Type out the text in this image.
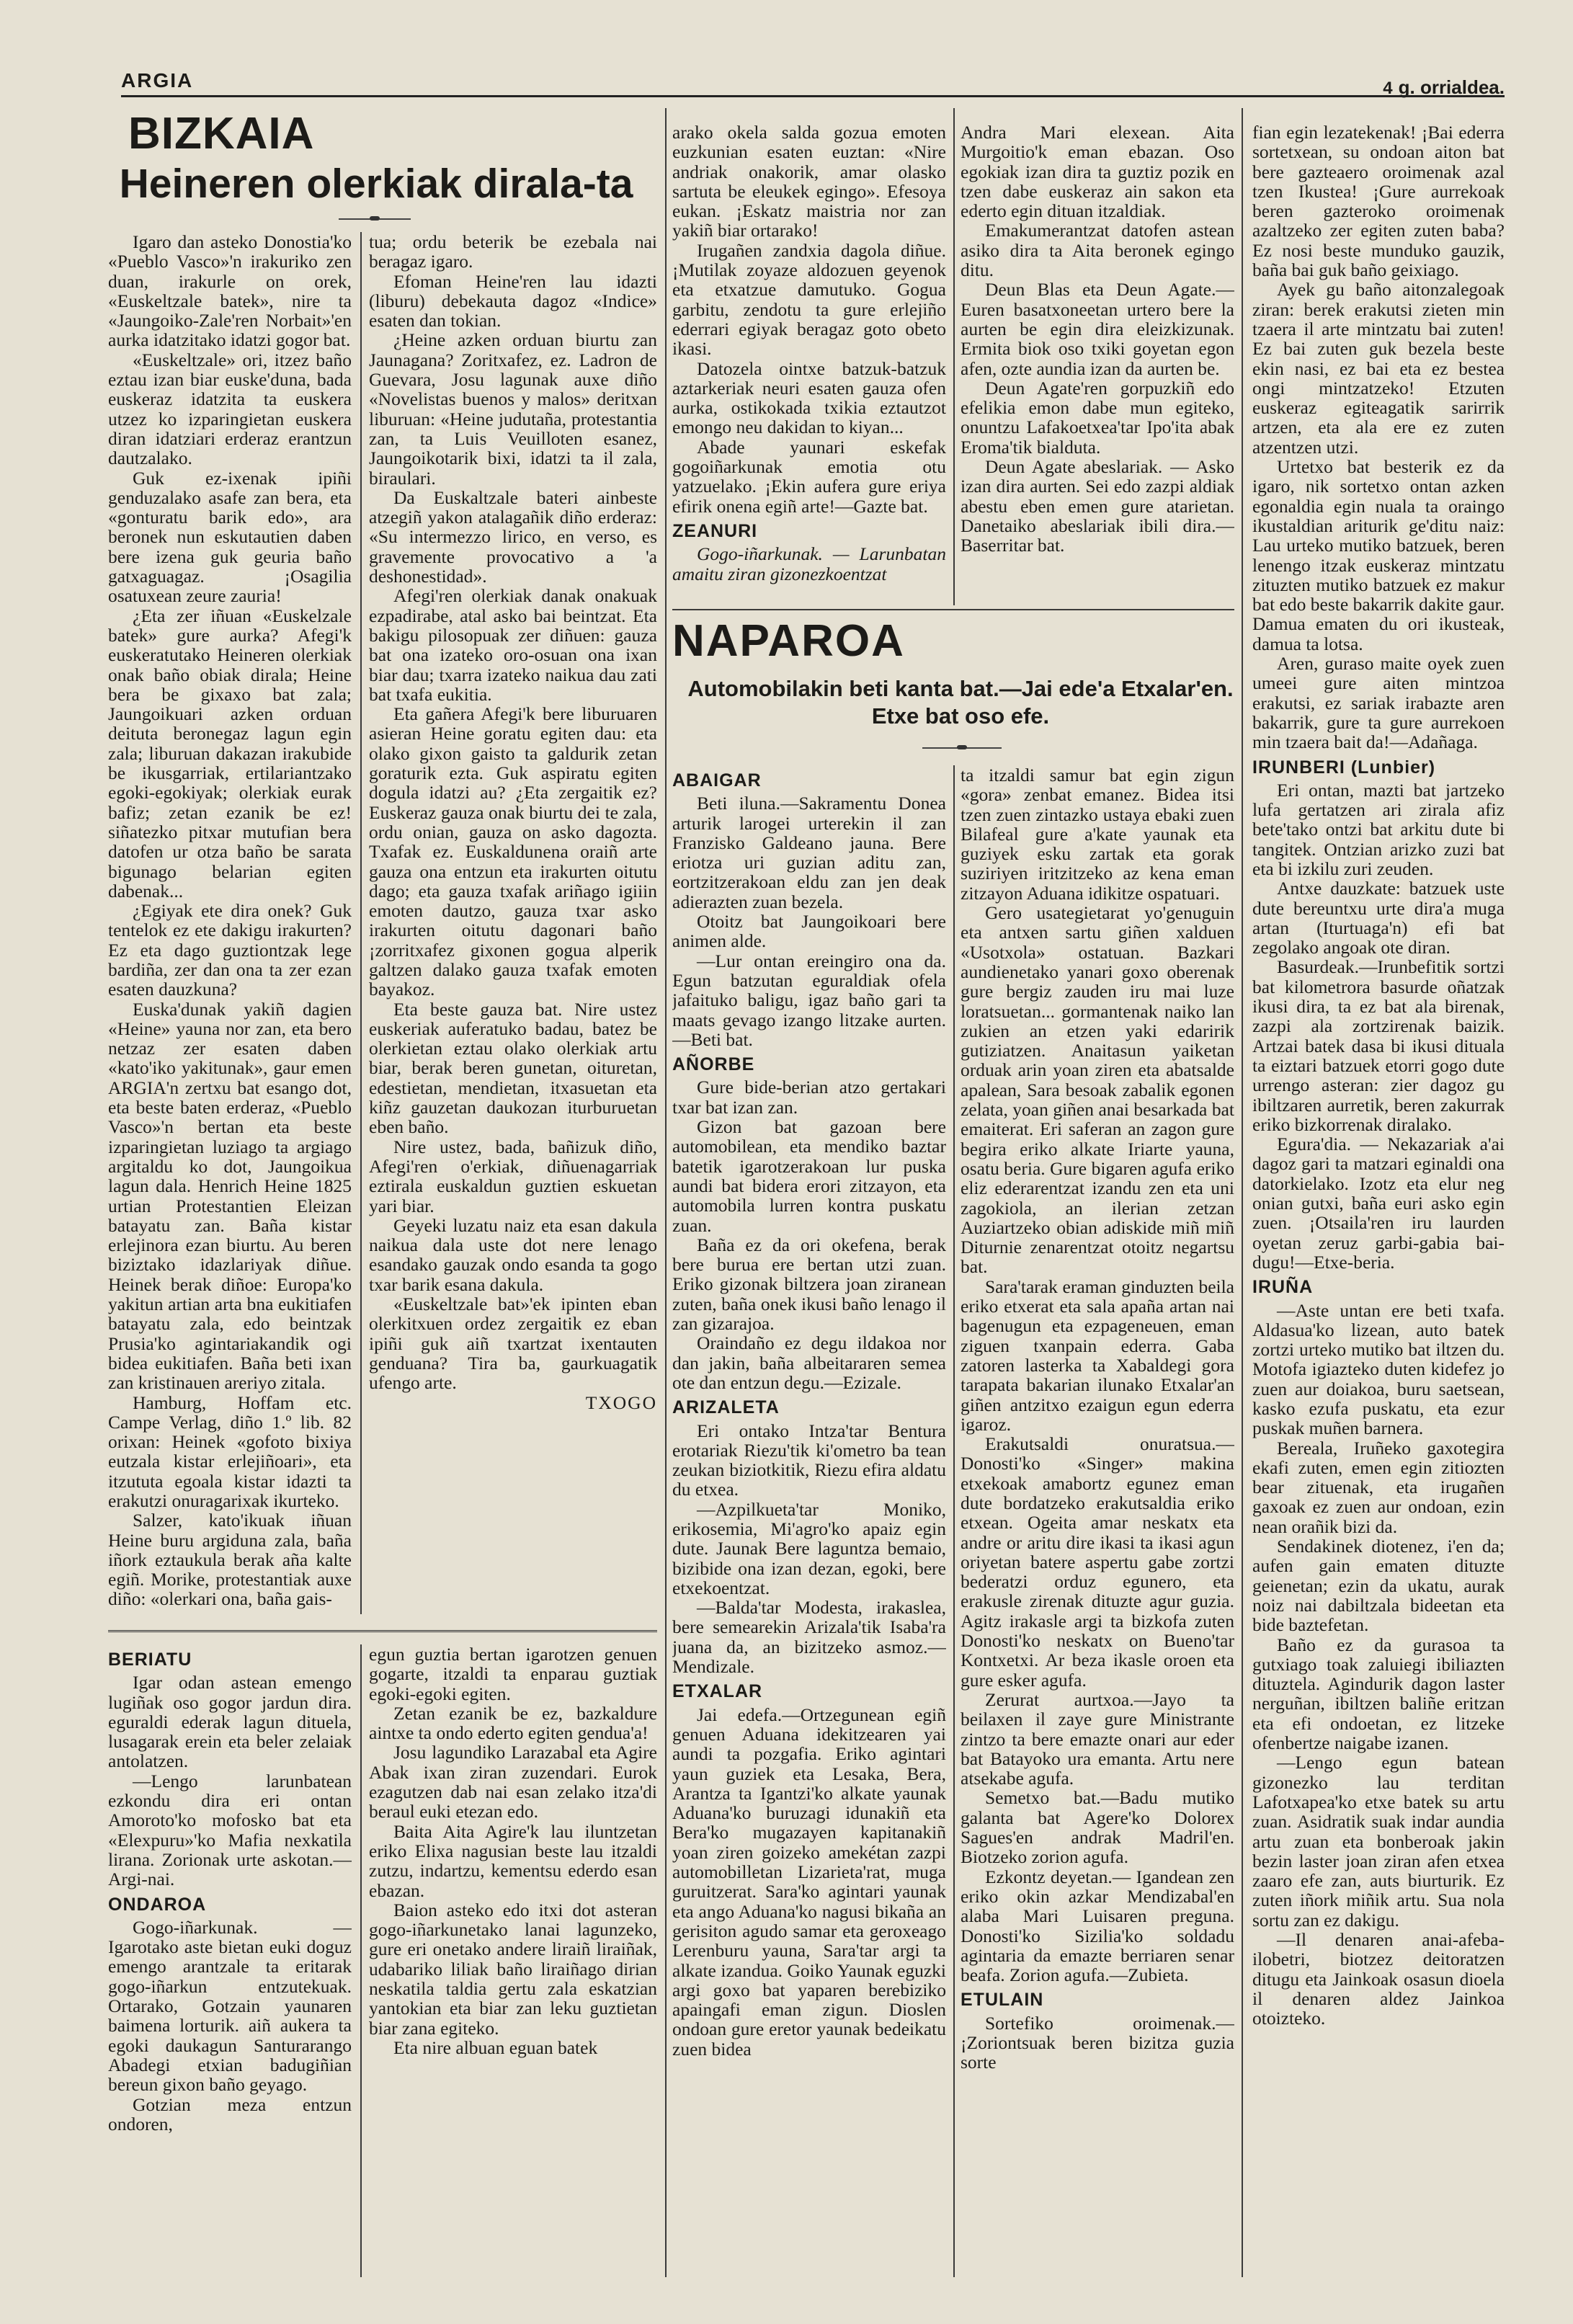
ARGIA	4 g. orrialdea.
BIZKAIA
Heineren olerkiak dirala-ta

Igaro dan asteko Donostia'ko «Pueblo Vasco»'n irakuriko zen duan, irakurle on orek, «Euskeltzale batek», nire ta «Jaungoiko-Zale'ren Norbait»'en aurka idatzitako idatzi gogor bat.

«Euskeltzale» ori, itzez baño eztau izan biar euske'duna, bada euskeraz idatzita ta euskera utzez ko izparingietan euskera diran idatziari erderaz erantzun dautzalako.

Guk ez-ixenak ipiñi genduzalako asafe zan bera, eta «gonturatu barik edo», ara beronek nun eskutautien daben bere izena guk geuria baño gatxaguagaz. ¡Osagilia osatuxean zeure zauria!

¿Eta zer iñuan «Euskelzale batek» gure aurka? Afegi'k euskeratutako Heineren olerkiak onak baño obiak dirala; Heine bera be gixaxo bat zala; Jaungoikuari azken orduan deituta beronegaz lagun egin zala; liburuan dakazan irakubide be ikusgarriak, ertilariantzako egoki-egokiyak; olerkiak eurak bafiz; zetan ezanik be ez! siñatezko pitxar mutufian bera datofen ur otza baño be sarata bigunago belarian egiten dabenak...

¿Egiyak ete dira onek? Guk tentelok ez ete dakigu irakurten? Ez eta dago guztiontzak lege bardiña, zer dan ona ta zer ezan esaten dauzkuna?

Euska'dunak yakiñ dagien «Heine» yauna nor zan, eta bero netzaz zer esaten daben «kato'iko yakitunak», gaur emen ARGIA'n zertxu bat esango dot, eta beste baten erderaz, «Pueblo Vasco»'n bertan eta beste izparingietan luziago ta argiago argitaldu ko dot, Jaungoikua lagun dala. Henrich Heine 1825 urtian Protestantien Eleizan batayatu zan. Baña kistar erlejinora ezan biurtu. Au beren biziztako idazlariyak diñue. Heinek berak diñoe: Europa'ko yakitun artian arta bna eukitiafen batayatu zala, edo beintzak Prusia'ko agintariakandik ogi bidea eukitiafen. Baña beti ixan zan kristinauen areriyo zitala.

Hamburg, Hoffam etc. Campe Verlag, diño 1.º lib. 82 orixan: Heinek «gofoto bixiya eutzala kistar erlejiñoari», eta itzututa egoala kistar idazti ta erakutzi onuragarixak ikurteko.

Salzer, kato'ikuak iñuan Heine buru argiduna zala, baña iñork eztaukula berak aña kalte egiñ. Morike, protestantiak auxe diño: «olerkari ona, baña gais-

tua; ordu beterik be ezebala nai beragaz igaro.

Efoman Heine'ren lau idazti (liburu) debekauta dagoz «Indice» esaten dan tokian.

¿Heine azken orduan biurtu zan Jaunagana? Zoritxafez, ez. Ladron de Guevara, Josu lagunak auxe diño «Novelistas buenos y malos» deritxan liburuan: «Heine judutaña, protestantia zan, ta Luis Veuilloten esanez, Jaungoikotarik bixi, idatzi ta il zala, biraulari.

Da Euskaltzale bateri ainbeste atzegiñ yakon atalagañik diño erderaz: «Su intermezzo lirico, en verso, es gravemente provocativo a 'a deshonestidad».

Afegi'ren olerkiak danak onakuak ezpadirabe, atal asko bai beintzat. Eta bakigu pilosopuak zer diñuen: gauza bat ona izateko oro-osuan ona ixan biar dau; txarra izateko naikua dau zati bat txafa eukitia.

Eta gañera Afegi'k bere liburuaren asieran Heine goratu egiten dau: eta olako gixon gaisto ta galdurik zetan goraturik ezta. Guk aspiratu egiten dogula idatzi au? ¿Eta zergaitik ez? Euskeraz gauza onak biurtu dei te zala, ordu onian, gauza on asko dagozta. Txafak ez. Euskaldunena oraiñ arte gauza ona entzun eta irakurten oitutu dago; eta gauza txafak ariñago igiiin emoten dautzo, gauza txar asko irakurten oitutu dagonari baño ¡zorritxafez gixonen gogua alperik galtzen dalako gauza txafak emoten bayakoz.

Eta beste gauza bat. Nire ustez euskeriak auferatuko badau, batez be olerkietan eztau olako olerkiak artu biar, berak beren gunetan, oituretan, edestietan, mendietan, itxasuetan eta kiñz gauzetan daukozan iturburuetan eben baño.

Nire ustez, bada, bañizuk diño, Afegi'ren o'erkiak, diñuenagarriak eztirala euskaldun guztien eskuetan yari biar.

Geyeki luzatu naiz eta esan dakula naikua dala uste dot nere lenago esandako gauzak ondo esanda ta gogo txar barik esana dakula.

«Euskeltzale bat»'ek ipinten eban olerkitxuen ordez zergaitik ez eban ipiñi guk aiñ txartzat ixentauten genduana? Tira ba, gaurkuagatik ufengo arte.

TXOGO

arako okela salda gozua emoten euzkunian esaten euztan: «Nire andriak onakorik, amar olasko sartuta be eleukek egingo». Efesoya eukan. ¡Eskatz maistria nor zan yakiñ biar ortarako!

Irugañen zandxia dagola diñue. ¡Mutilak zoyaze aldozuen geyenok eta etxatzue damutuko. Gogua garbitu, zendotu ta gure erlejiño ederrari egiyak beragaz goto obeto ikasi.

Datozela ointxe batzuk-batzuk aztarkeriak neuri esaten gauza ofen aurka, ostikokada txikia eztautzot emongo neu dakidan to kiyan...

Abade yaunari eskefak gogoiñarkunak emotia otu yatzuelako. ¡Ekin aufera gure eriya efirik onena egiñ arte!—Gazte bat.

ZEANURI

Gogo-iñarkunak. — Larunbatan amaitu ziran gizonezkoentzat

Andra Mari elexean. Aita Murgoitio'k eman ebazan. Oso egokiak izan dira ta guztiz pozik en tzen dabe euskeraz ain sakon eta ederto egin dituan itzaldiak.

Emakumerantzat datofen astean asiko dira ta Aita beronek egingo ditu.

Deun Blas eta Deun Agate.— Euren basatxoneetan urtero bere la aurten be egin dira eleizkizunak. Ermita biok oso txiki goyetan egon afen, ozte aundia izan da aurten be.

Deun Agate'ren gorpuzkiñ edo efelikia emon dabe mun egiteko, onuntzu Lafakoetxea'tar Ipo'ita abak Eroma'tik bialduta.

Deun Agate abeslariak. — Asko izan dira aurten. Sei edo zazpi aldiak abestu eben emen gure atarietan. Danetaiko abeslariak ibili dira.—Baserritar bat.

fian egin lezatekenak! ¡Bai ederra sortetxean, su ondoan aiton bat bere gazteaero oroimenak azal tzen Ikustea! ¡Gure aurrekoak beren gazteroko oroimenak azaltzeko zer egiten zuten baba? Ez nosi beste munduko gauzik, baña bai guk baño geixiago.

Ayek gu baño aitonzalegoak ziran: berek erakutsi zieten min tzaera il arte mintzatu bai zuten! Ez bai zuten guk bezela beste ekin nasi, ez bai eta ez bestea ongi mintzatzeko! Etzuten euskeraz egiteagatik sarirrik artzen, eta ala ere ez zuten atzentzen utzi.

Urtetxo bat besterik ez da igaro, nik sortetxo ontan azken egonaldia egin nuala ta oraingo ikustaldian ariturik ge'ditu naiz: Lau urteko mutiko batzuek, beren lenengo itzak euskeraz mintzatu zituzten mutiko batzuek ez makur bat edo beste bakarrik dakite gaur. Damua ematen du ori ikusteak, damua ta lotsa.

Aren, guraso maite oyek zuen umeei gure aiten mintzoa erakutsi, ez sariak irabazte aren bakarrik, gure ta gure aurrekoen min tzaera bait da!—Adañaga.

IRUNBERI (Lunbier)

Eri ontan, mazti bat jartzeko lufa gertatzen ari zirala afiz bete'tako ontzi bat arkitu dute bi tangitek. Ontzian arizko zuzi bat eta bi izkilu zuri zeuden.

Antxe dauzkate: batzuek uste dute bereuntxu urte dira'a muga artan (Iturtuaga'n) efi bat zegolako angoak ote diran.

Basurdeak.—Irunbefitik sortzi bat kilometrora basurde oñatzak ikusi dira, ta ez bat ala birenak, zazpi ala zortzirenak baizik. Artzai batek dasa bi ikusi dituala ta eiztari batzuek etorri gogo dute urrengo asteran: zier dagoz gu ibiltzaren aurretik, beren zakurrak eriko bizkorrenak diralako.

Egura'dia. — Nekazariak a'ai dagoz gari ta matzari eginaldi ona datorkielako. Izotz eta elur neg onian gutxi, baña euri asko egin zuen. ¡Otsaila'ren iru laurden oyetan zeruz garbi-gabia bai-dugu!—Etxe-beria.

IRUÑA

—Aste untan ere beti txafa. Aldasua'ko lizean, auto batek zortzi urteko mutiko bat iltzen du. Motofa igiazteko duten kidefez jo zuen aur doiakoa, buru saetsean, kasko ezufa puskatu, eta ezur puskak muñen barnera.

Bereala, Iruñeko gaxotegira ekafi zuten, emen egin zitiozten bear zituenak, eta irugañen gaxoak ez zuen aur ondoan, ezin nean orañik bizi da.

Sendakinek diotenez, i'en da; aufen gain ematen dituzte geienetan; ezin da ukatu, aurak noiz nai dabiltzala bideetan eta bide baztefetan.

Baño ez da gurasoa ta gutxiago toak zaluiegi ibiliazten dituztela. Agindurik dagon laster nerguñan, ibiltzen baliñe eritzan eta efi ondoetan, ez litzeke ofenbertze naigabe izanen.

—Lengo egun batean gizonezko lau terditan Lafotxapea'ko etxe batek su artu zuan. Asidratik suak indar aundia artu zuan eta bonberoak jakin bezin laster joan ziran afen etxea zaaro efe zan, auts biurturik. Ez zuten iñork miñik artu. Sua nola sortu zan ez dakigu.

—Il denaren anai-afeba-ilobetri, biotzez deitoratzen ditugu eta Jainkoak osasun dioela il denaren aldez Jainkoa otoizteko.

NAPAROA
Automobilakin beti kanta bat.—Jai ede'a Etxalar'en.
Etxe bat oso efe.
ABAIGAR

Beti iluna.—Sakramentu Donea arturik larogei urterekin il zan Franzisko Galdeano jauna. Bere eriotza uri guzian aditu zan, eortzitzerakoan eldu zan jen deak adierazten zuan bezela.

Otoitz bat Jaungoikoari bere animen alde.

—Lur ontan ereingiro ona da. Egun batzutan eguraldiak ofela jafaituko baligu, igaz baño gari ta maats gevago izango litzake aurten.—Beti bat.

AÑORBE

Gure bide-berian atzo gertakari txar bat izan zan.

Gizon bat gazoan bere automobilean, eta mendiko baztar batetik igarotzerakoan lur puska aundi bat bidera erori zitzayon, eta automobila lurren kontra puskatu zuan.

Baña ez da ori okefena, berak bere burua ere bertan utzi zuan. Eriko gizonak biltzera joan ziranean zuten, baña onek ikusi baño lenago il zan gizarajoa.

Oraindaño ez degu ildakoa nor dan jakin, baña albeitararen semea ote dan entzun degu.—Ezizale.

ARIZALETA

Eri ontako Intza'tar Bentura erotariak Riezu'tik ki'ometro ba tean zeukan biziotkitik, Riezu efira aldatu du etxea.

—Azpilkueta'tar Moniko, erikosemia, Mi'agro'ko apaiz egin dute. Jaunak Bere laguntza bemaio, bizibide ona izan dezan, egoki, bere etxekoentzat.

—Balda'tar Modesta, irakaslea, bere semearekin Arizala'tik Isaba'ra juana da, an bizitzeko asmoz.—Mendizale.

ETXALAR

Jai edefa.—Ortzegunean egiñ genuen Aduana idekitzearen yai aundi ta pozgafia. Eriko agintari yaun guziek eta Lesaka, Bera, Arantza ta Igantzi'ko alkate yaunak Aduana'ko buruzagi idunakiñ eta Bera'ko mugazayen kapitanakiñ yoan ziren goizeko amekétan zazpi automobilletan Lizarieta'rat, muga guruitzerat. Sara'ko agintari yaunak eta ango Aduana'ko nagusi bikaña an gerisiton agudo samar eta geroxeago Lerenburu yauna, Sara'tar argi ta alkate izandua. Goiko Yaunak eguzki argi goxo bat yaparen berebiziko apaingafi eman zigun. Dioslen ondoan gure eretor yaunak bedeikatu zuen bidea

ta itzaldi samur bat egin zigun «gora» zenbat emanez. Bidea itsi tzen zuen zintazko ustaya ebaki zuen Bilafeal gure a'kate yaunak eta guziyek esku zartak eta gorak suziriyen iritzitzeko az kena eman zitzayon Aduana idikitze ospatuari.

Gero usategietarat yo'genuguin eta antxen sartu giñen xalduen «Usotxola» ostatuan. Bazkari aundienetako yanari goxo oberenak gure bergiz zauden iru mai luze loratsuetan... gormantenak naiko lan zukien an etzen yaki edaririk gutiziatzen. Anaitasun yaiketan orduak arin yoan ziren eta abatsalde apalean, Sara besoak zabalik egonen zelata, yoan giñen anai besarkada bat emaiterat. Eri saferan an zagon gure begira eriko alkate Iriarte yauna, osatu beria. Gure bigaren agufa eriko eliz ederarentzat izandu zen eta uni zagokiola, an ilerian zetzan Auziartzeko obian adiskide miñ miñ Diturnie zenarentzat otoitz negartsu bat.

Sara'tarak eraman ginduzten beila eriko etxerat eta sala apaña artan nai bagenugun eta ezpageneuen, eman ziguen txanpain ederra. Gaba zatoren lasterka ta Xabaldegi gora tarapata bakarian ilunako Etxalar'an giñen antzitxo ezaigun egun ederra igaroz.

Erakutsaldi onuratsua.—Donosti'ko «Singer» makina etxekoak amabortz egunez eman dute bordatzeko erakutsaldia eriko etxean. Ogeita amar neskatx eta andre or aritu dire ikasi ta ikasi agun oriyetan batere aspertu gabe zortzi bederatzi orduz egunero, eta erakusle zirenak dituzte agur guzia. Agitz irakasle argi ta bizkofa zuten Donosti'ko neskatx on Bueno'tar Kontxetxi. Ar beza ikasle oroen eta gure esker agufa.

Zerurat aurtxoa.—Jayo ta beilaxen il zaye gure Ministrante zintzo ta bere emazte onari aur eder bat Batayoko ura emanta. Artu nere atsekabe agufa.

Semetxo bat.—Badu mutiko galanta bat Agere'ko Dolorex Sagues'en andrak Madril'en. Biotzeko zorion agufa.

Ezkontz deyetan.— Igandean zen eriko okin azkar Mendizabal'en alaba Mari Luisaren preguna. Donosti'ko Sizilia'ko soldadu agintaria da emazte berriaren senar beafa. Zorion agufa.—Zubieta.

ETULAIN

Sortefiko oroimenak.—¡Zoriontsuak beren bizitza guzia sorte

BERIATU

Igar odan astean emengo lugiñak oso gogor jardun dira. eguraldi ederak lagun dituela, lusagarak erein eta beler zelaiak antolatzen.

—Lengo larunbatean ezkondu dira eri ontan Amoroto'ko mofosko bat eta «Elexpuru»'ko Mafia nexkatila lirana. Zorionak urte askotan.—Argi-nai.

ONDAROA

Gogo-iñarkunak. — Igarotako aste bietan euki doguz emengo arantzale ta eritarak gogo-iñarkun entzutekuak. Ortarako, Gotzain yaunaren baimena lorturik. aiñ aukera ta egoki daukagun Santurarango Abadegi etxian badugiñian bereun gixon baño geyago.

Gotzian meza entzun ondoren,

egun guztia bertan igarotzen genuen gogarte, itzaldi ta enparau guztiak egoki-egoki egiten.

Zetan ezanik be ez, bazkaldure aintxe ta ondo ederto egiten gendua'a!

Josu lagundiko Larazabal eta Agire Abak ixan ziran zuzendari. Eurok ezagutzen dab nai esan zelako itza'di beraul euki etezan edo.

Baita Aita Agire'k lau iluntzetan eriko Elixa nagusian beste lau itzaldi zutzu, indartzu, kementsu ederdo esan ebazan.

Baion asteko edo itxi dot asteran gogo-iñarkunetako lanai lagunzeko, gure eri onetako andere liraiñ liraiñak, udabariko liliak baño liraiñago dirian neskatila taldia gertu zala eskatzian yantokian eta biar zan leku guztietan biar zana egiteko.

Eta nire albuan eguan batek
